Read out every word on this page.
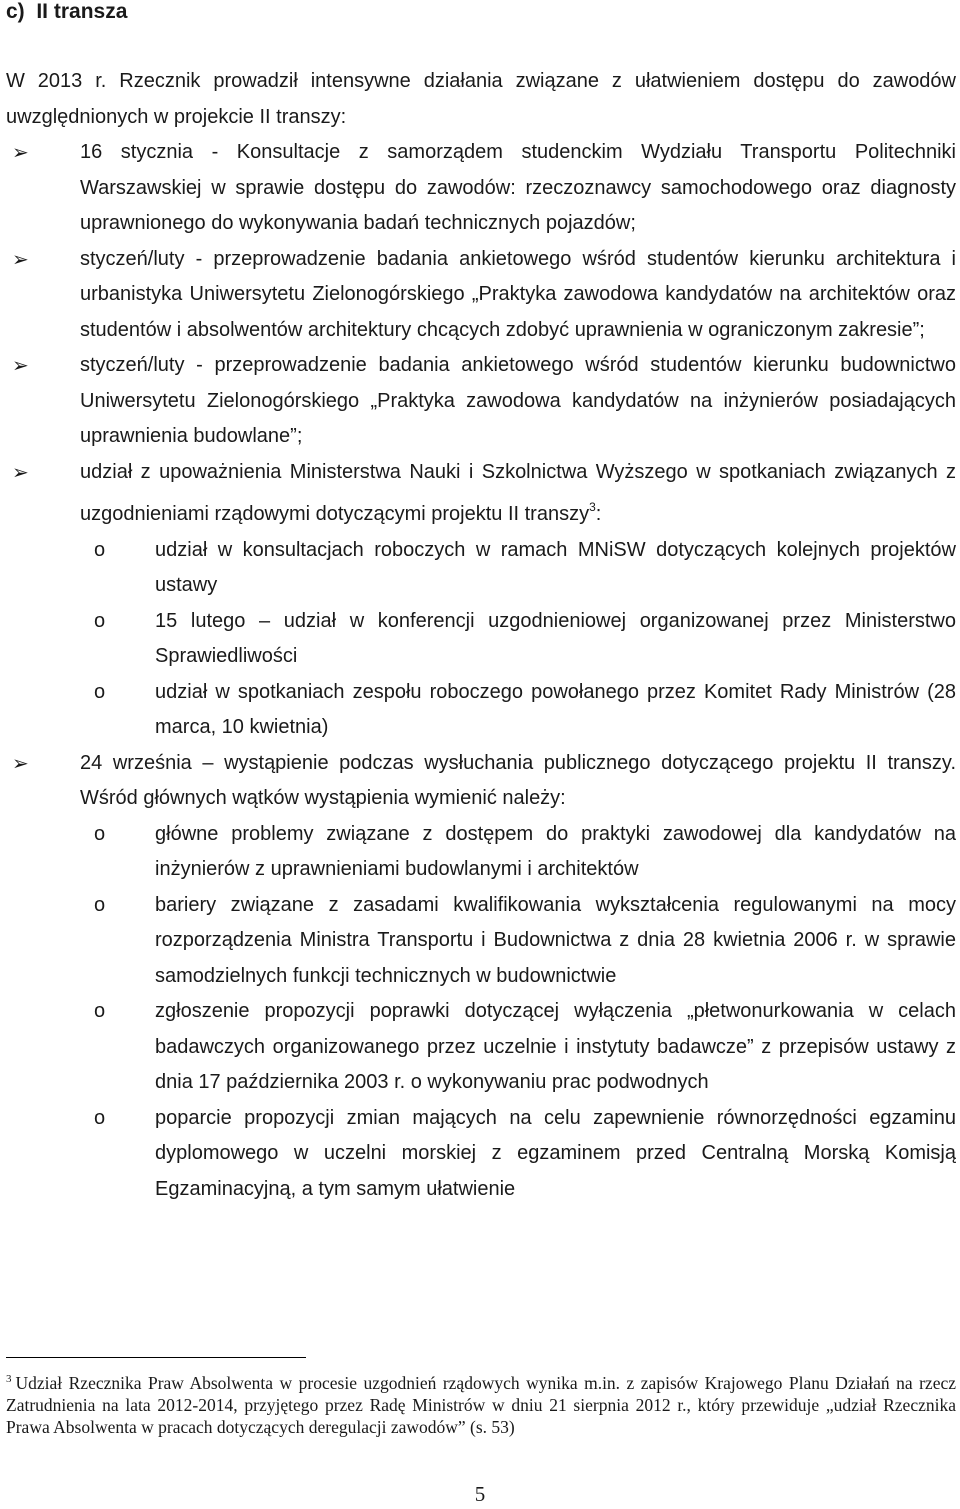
c)  II transza

W 2013 r. Rzecznik prowadził intensywne działania związane z ułatwieniem dostępu do zawodów uwzględnionych w projekcie II transzy:

➢	16 stycznia - Konsultacje z samorządem studenckim Wydziału Transportu Politechniki Warszawskiej w sprawie dostępu do zawodów: rzeczoznawcy samochodowego oraz diagnosty uprawnionego do wykonywania badań technicznych pojazdów;
➢	styczeń/luty - przeprowadzenie badania ankietowego wśród studentów kierunku architektura i urbanistyka Uniwersytetu Zielonogórskiego „Praktyka zawodowa kandydatów na architektów oraz studentów i absolwentów architektury chcących zdobyć uprawnienia w ograniczonym zakresie”;
➢	styczeń/luty - przeprowadzenie badania ankietowego wśród studentów kierunku budownictwo Uniwersytetu Zielonogórskiego „Praktyka zawodowa kandydatów na inżynierów posiadających uprawnienia budowlane”;
➢	udział z upoważnienia Ministerstwa Nauki i Szkolnictwa Wyższego w spotkaniach związanych z uzgodnieniami rządowymi dotyczącymi projektu II transzy$^3$:
o udział w konsultacjach roboczych w ramach MNiSW dotyczących kolejnych projektów ustawy
o 15 lutego – udział w konferencji uzgodnieniowej organizowanej przez Ministerstwo Sprawiedliwości
o udział w spotkaniach zespołu roboczego powołanego przez Komitet Rady Ministrów (28 marca, 10 kwietnia)
➢	24 września – wystąpienie podczas wysłuchania publicznego dotyczącego projektu II transzy. Wśród głównych wątków wystąpienia wymienić należy:
o główne problemy związane z dostępem do praktyki zawodowej dla kandydatów na inżynierów z uprawnieniami budowlanymi i architektów
o bariery związane z zasadami kwalifikowania wykształcenia regulowanymi na mocy rozporządzenia Ministra Transportu i Budownictwa z dnia 28 kwietnia 2006 r. w sprawie samodzielnych funkcji technicznych w budownictwie
o zgłoszenie propozycji poprawki dotyczącej wyłączenia „płetwonurkowania w celach badawczych organizowanego przez uczelnie i instytuty badawcze” z przepisów ustawy z dnia 17 października 2003 r. o wykonywaniu prac podwodnych
o poparcie propozycji zmian mających na celu zapewnienie równorzędności egzaminu dyplomowego w uczelni morskiej z egzaminem przed Centralną Morską Komisją Egzaminacyjną, a tym samym ułatwienie

$^3$ Udział Rzecznika Praw Absolwenta w procesie uzgodnień rządowych wynika m.in. z zapisów Krajowego Planu Działań na rzecz Zatrudnienia na lata 2012-2014, przyjętego przez Radę Ministrów w dniu 21 sierpnia 2012 r., który przewiduje „udział Rzecznika Prawa Absolwenta w pracach dotyczących deregulacji zawodów” (s. 53)

5
